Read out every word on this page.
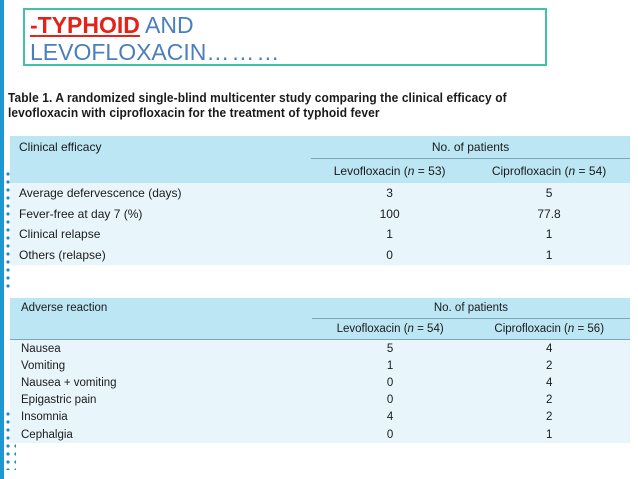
-TYPHOID AND
LEVOFLOXACIN………
Table 1. A randomized single-blind multicenter study comparing the clinical efficacy of levofloxacin with ciprofloxacin for the treatment of typhoid fever
Clinical efficacy	No. of patients	
	Levofloxacin (n = 53)	Ciprofloxacin (n = 54)
Average defervescence (days)	3	5
Fever-free at day 7 (%)	100	77.8
Clinical relapse	1	1
Others (relapse)	0	1
Adverse reaction	No. of patients	
	Levofloxacin (n = 54)	Ciprofloxacin (n = 56)
Nausea	5	4
Vomiting	1	2
Nausea + vomiting	0	4
Epigastric pain	0	2
Insomnia	4	2
Cephalgia	0	1
